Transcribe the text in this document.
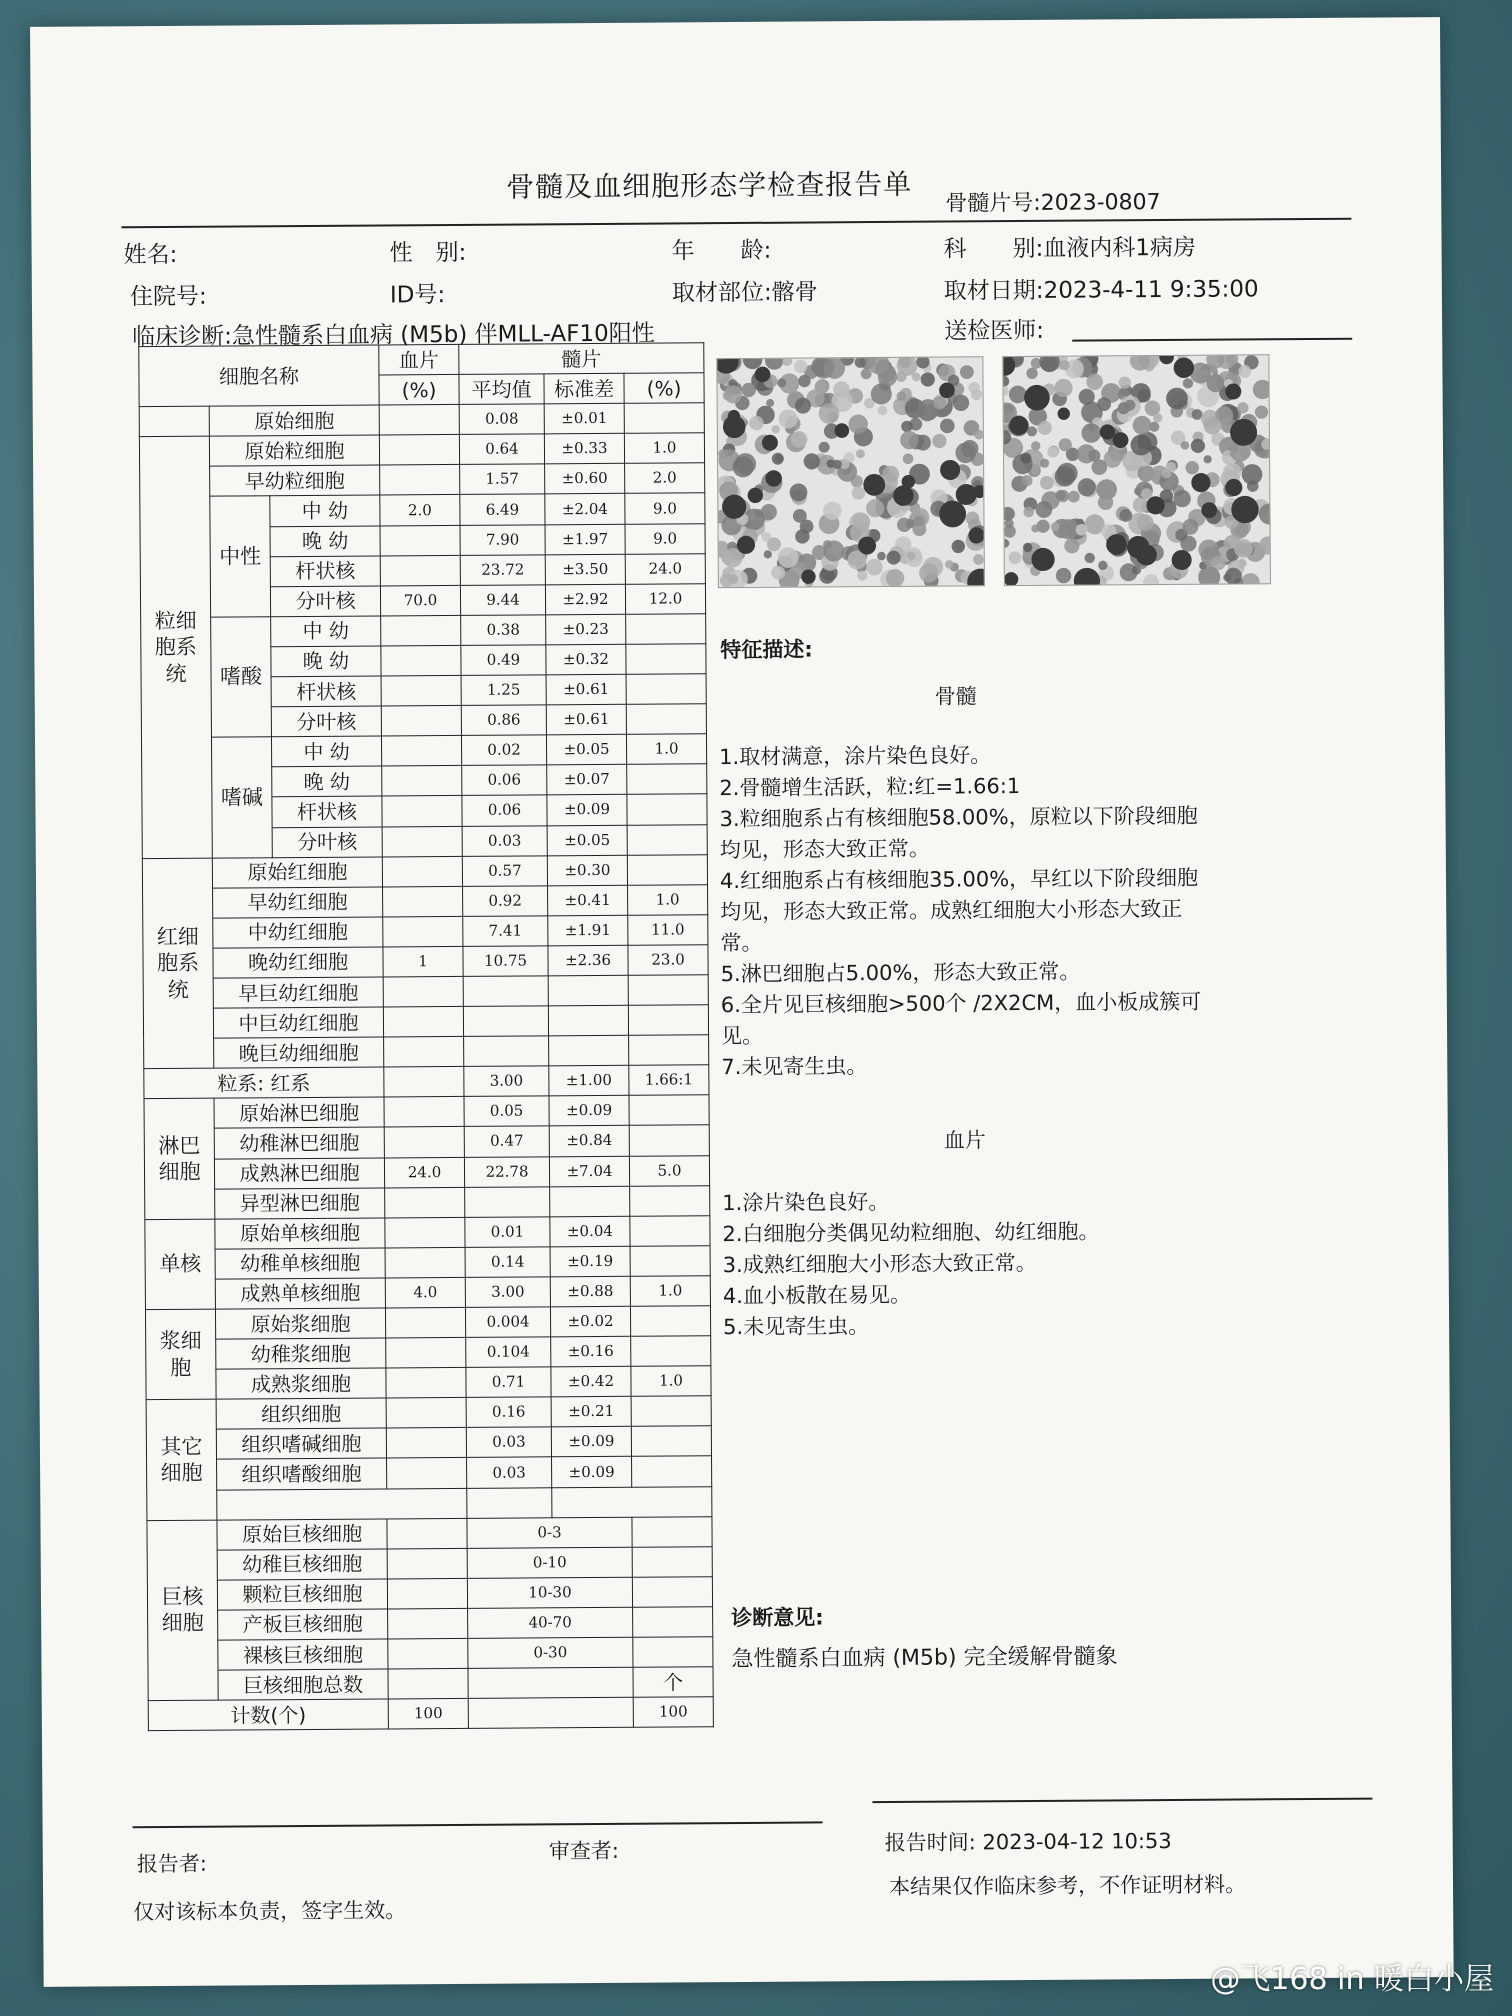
骨髓及血细胞形态学检查报告单 骨髓片号:2023-0807
姓名:	性　别:	年　　龄:	科　　别:血液内科1病房
住院号:	ID号:	取材部位:髂骨	取材日期:2023-4-11 9:35:00
临床诊断:急性髓系白血病 (M5b) 伴MLL-AF10阳性	送检医师:
细胞名称			血片	髓片		
			(%)	平均值	标准差	(%)
	原始细胞			0.08	±0.01	
粒细胞系统	原始粒细胞			0.64	±0.33	1.0
	早幼粒细胞			1.57	±0.60	2.0
	中性	中 幼	2.0	6.49	±2.04	9.0
		晚 幼		7.90	±1.97	9.0
		杆状核		23.72	±3.50	24.0
		分叶核	70.0	9.44	±2.92	12.0
	嗜酸	中 幼		0.38	±0.23	
		晚 幼		0.49	±0.32	
		杆状核		1.25	±0.61	
		分叶核		0.86	±0.61	
	嗜碱	中 幼		0.02	±0.05	1.0
		晚 幼		0.06	±0.07	
		杆状核		0.06	±0.09	
		分叶核		0.03	±0.05	
红细胞系统	原始红细胞			0.57	±0.30	
	早幼红细胞			0.92	±0.41	1.0
	中幼红细胞			7.41	±1.91	11.0
	晚幼红细胞		1	10.75	±2.36	23.0
	早巨幼红细胞					
	中巨幼红细胞					
	晚巨幼细细胞					
粒系: 红系				3.00	±1.00	1.66:1
淋巴细胞	原始淋巴细胞			0.05	±0.09	
	幼稚淋巴细胞			0.47	±0.84	
	成熟淋巴细胞		24.0	22.78	±7.04	5.0
	异型淋巴细胞					
单核	原始单核细胞			0.01	±0.04	
	幼稚单核细胞			0.14	±0.19	
	成熟单核细胞		4.0	3.00	±0.88	1.0
浆细胞	原始浆细胞			0.004	±0.02	
	幼稚浆细胞			0.104	±0.16	
	成熟浆细胞			0.71	±0.42	1.0
其它细胞	组织细胞			0.16	±0.21	
	组织嗜碱细胞			0.03	±0.09	
	组织嗜酸细胞			0.03	±0.09	

巨核细胞	原始巨核细胞			0-3		
	幼稚巨核细胞			0-10		
	颗粒巨核细胞			10-30		
	产板巨核细胞			40-70		
	裸核巨核细胞			0-30		
	巨核细胞总数					个
计数(个)			100			100
特征描述:
骨髓

1.取材满意，涂片染色良好。

2.骨髓增生活跃，粒:红=1.66:1

3.粒细胞系占有核细胞58.00%，原粒以下阶段细胞

均见，形态大致正常。

4.红细胞系占有核细胞35.00%，早红以下阶段细胞

均见，形态大致正常。成熟红细胞大小形态大致正

常。

5.淋巴细胞占5.00%，形态大致正常。

6.全片见巨核细胞>500个 /2X2CM，血小板成簇可

见。

7.未见寄生虫。

血片

1.涂片染色良好。

2.白细胞分类偶见幼粒细胞、幼红细胞。

3.成熟红细胞大小形态大致正常。

4.血小板散在易见。

5.未见寄生虫。

诊断意见:
急性髓系白血病 (M5b) 完全缓解骨髓象
报告者:
审查者:	报告时间: 2023-04-12 10:53
仅对该标本负责，签字生效。
本结果仅作临床参考，不作证明材料。
@飞168 in 暖白小屋
